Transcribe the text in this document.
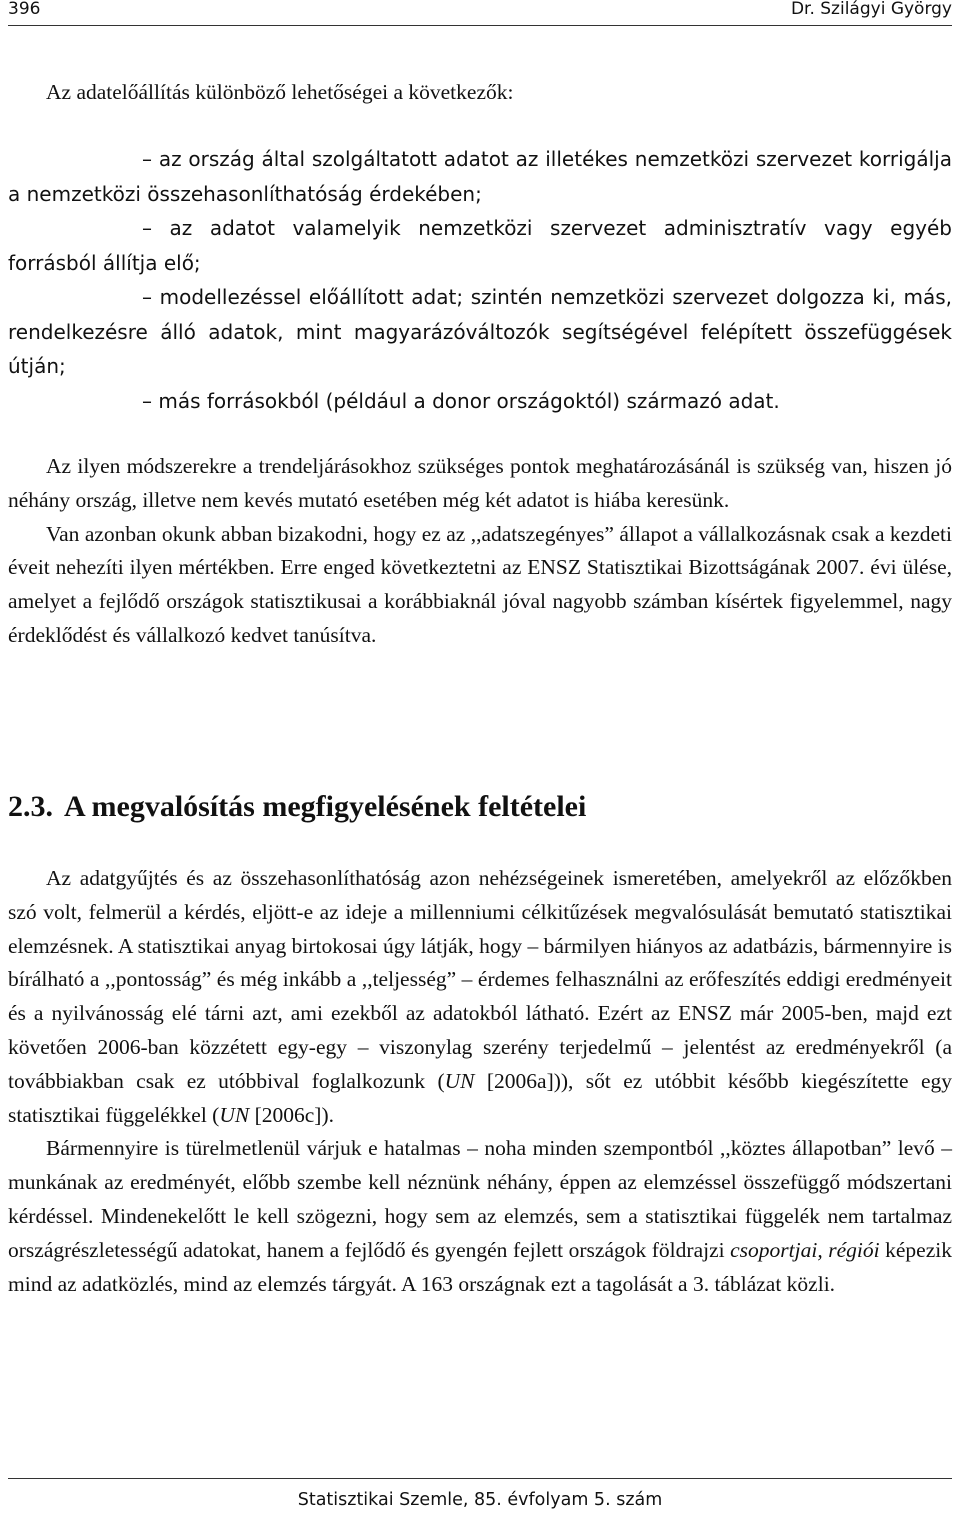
396	Dr. Szilágyi György

Az adatelőállítás különböző lehetőségei a következők:

– az ország által szolgáltatott adatot az illetékes nemzetközi szervezet korrigálja a nemzetközi összehasonlíthatóság érdekében;
– az adatot valamelyik nemzetközi szervezet adminisztratív vagy egyéb forrásból állítja elő;
– modellezéssel előállított adat; szintén nemzetközi szervezet dolgozza ki, más, rendelkezésre álló adatok, mint magyarázóváltozók segítségével felépített összefüggések útján;
– más forrásokból (például a donor országoktól) származó adat.

Az ilyen módszerekre a trendeljárásokhoz szükséges pontok meghatározásánál is szükség van, hiszen jó néhány ország, illetve nem kevés mutató esetében még két adatot is hiába keresünk.

Van azonban okunk abban bizakodni, hogy ez az ,,adatszegényes” állapot a vállalkozásnak csak a kezdeti éveit nehezíti ilyen mértékben. Erre enged következtetni az ENSZ Statisztikai Bizottságának 2007. évi ülése, amelyet a fejlődő országok statisztikusai a korábbiaknál jóval nagyobb számban kísértek figyelemmel, nagy érdeklődést és vállalkozó kedvet tanúsítva.

2.3. A megvalósítás megfigyelésének feltételei

Az adatgyűjtés és az összehasonlíthatóság azon nehézségeinek ismeretében, amelyekről az előzőkben szó volt, felmerül a kérdés, eljött-e az ideje a millenniumi célkitűzések megvalósulását bemutató statisztikai elemzésnek. A statisztikai anyag birtokosai úgy látják, hogy – bármilyen hiányos az adatbázis, bármennyire is bírálható a ,,pontosság” és még inkább a ,,teljesség” – érdemes felhasználni az erőfeszítés eddigi eredményeit és a nyilvánosság elé tárni azt, ami ezekből az adatokból látható. Ezért az ENSZ már 2005-ben, majd ezt követően 2006-ban közzétett egy-egy – viszonylag szerény terjedelmű – jelentést az eredményekről (a továbbiakban csak ez utóbbival foglalkozunk (UN [2006a])), sőt ez utóbbit később kiegészítette egy statisztikai függelékkel (UN [2006c]).

Bármennyire is türelmetlenül várjuk e hatalmas – noha minden szempontból ,,köztes állapotban” levő – munkának az eredményét, előbb szembe kell néznünk néhány, éppen az elemzéssel összefüggő módszertani kérdéssel. Mindenekelőtt le kell szögezni, hogy sem az elemzés, sem a statisztikai függelék nem tartalmaz országrészletességű adatokat, hanem a fejlődő és gyengén fejlett országok földrajzi csoportjai, régiói képezik mind az adatközlés, mind az elemzés tárgyát. A 163 országnak ezt a tagolását a 3. táblázat közli.

Statisztikai Szemle, 85. évfolyam 5. szám
